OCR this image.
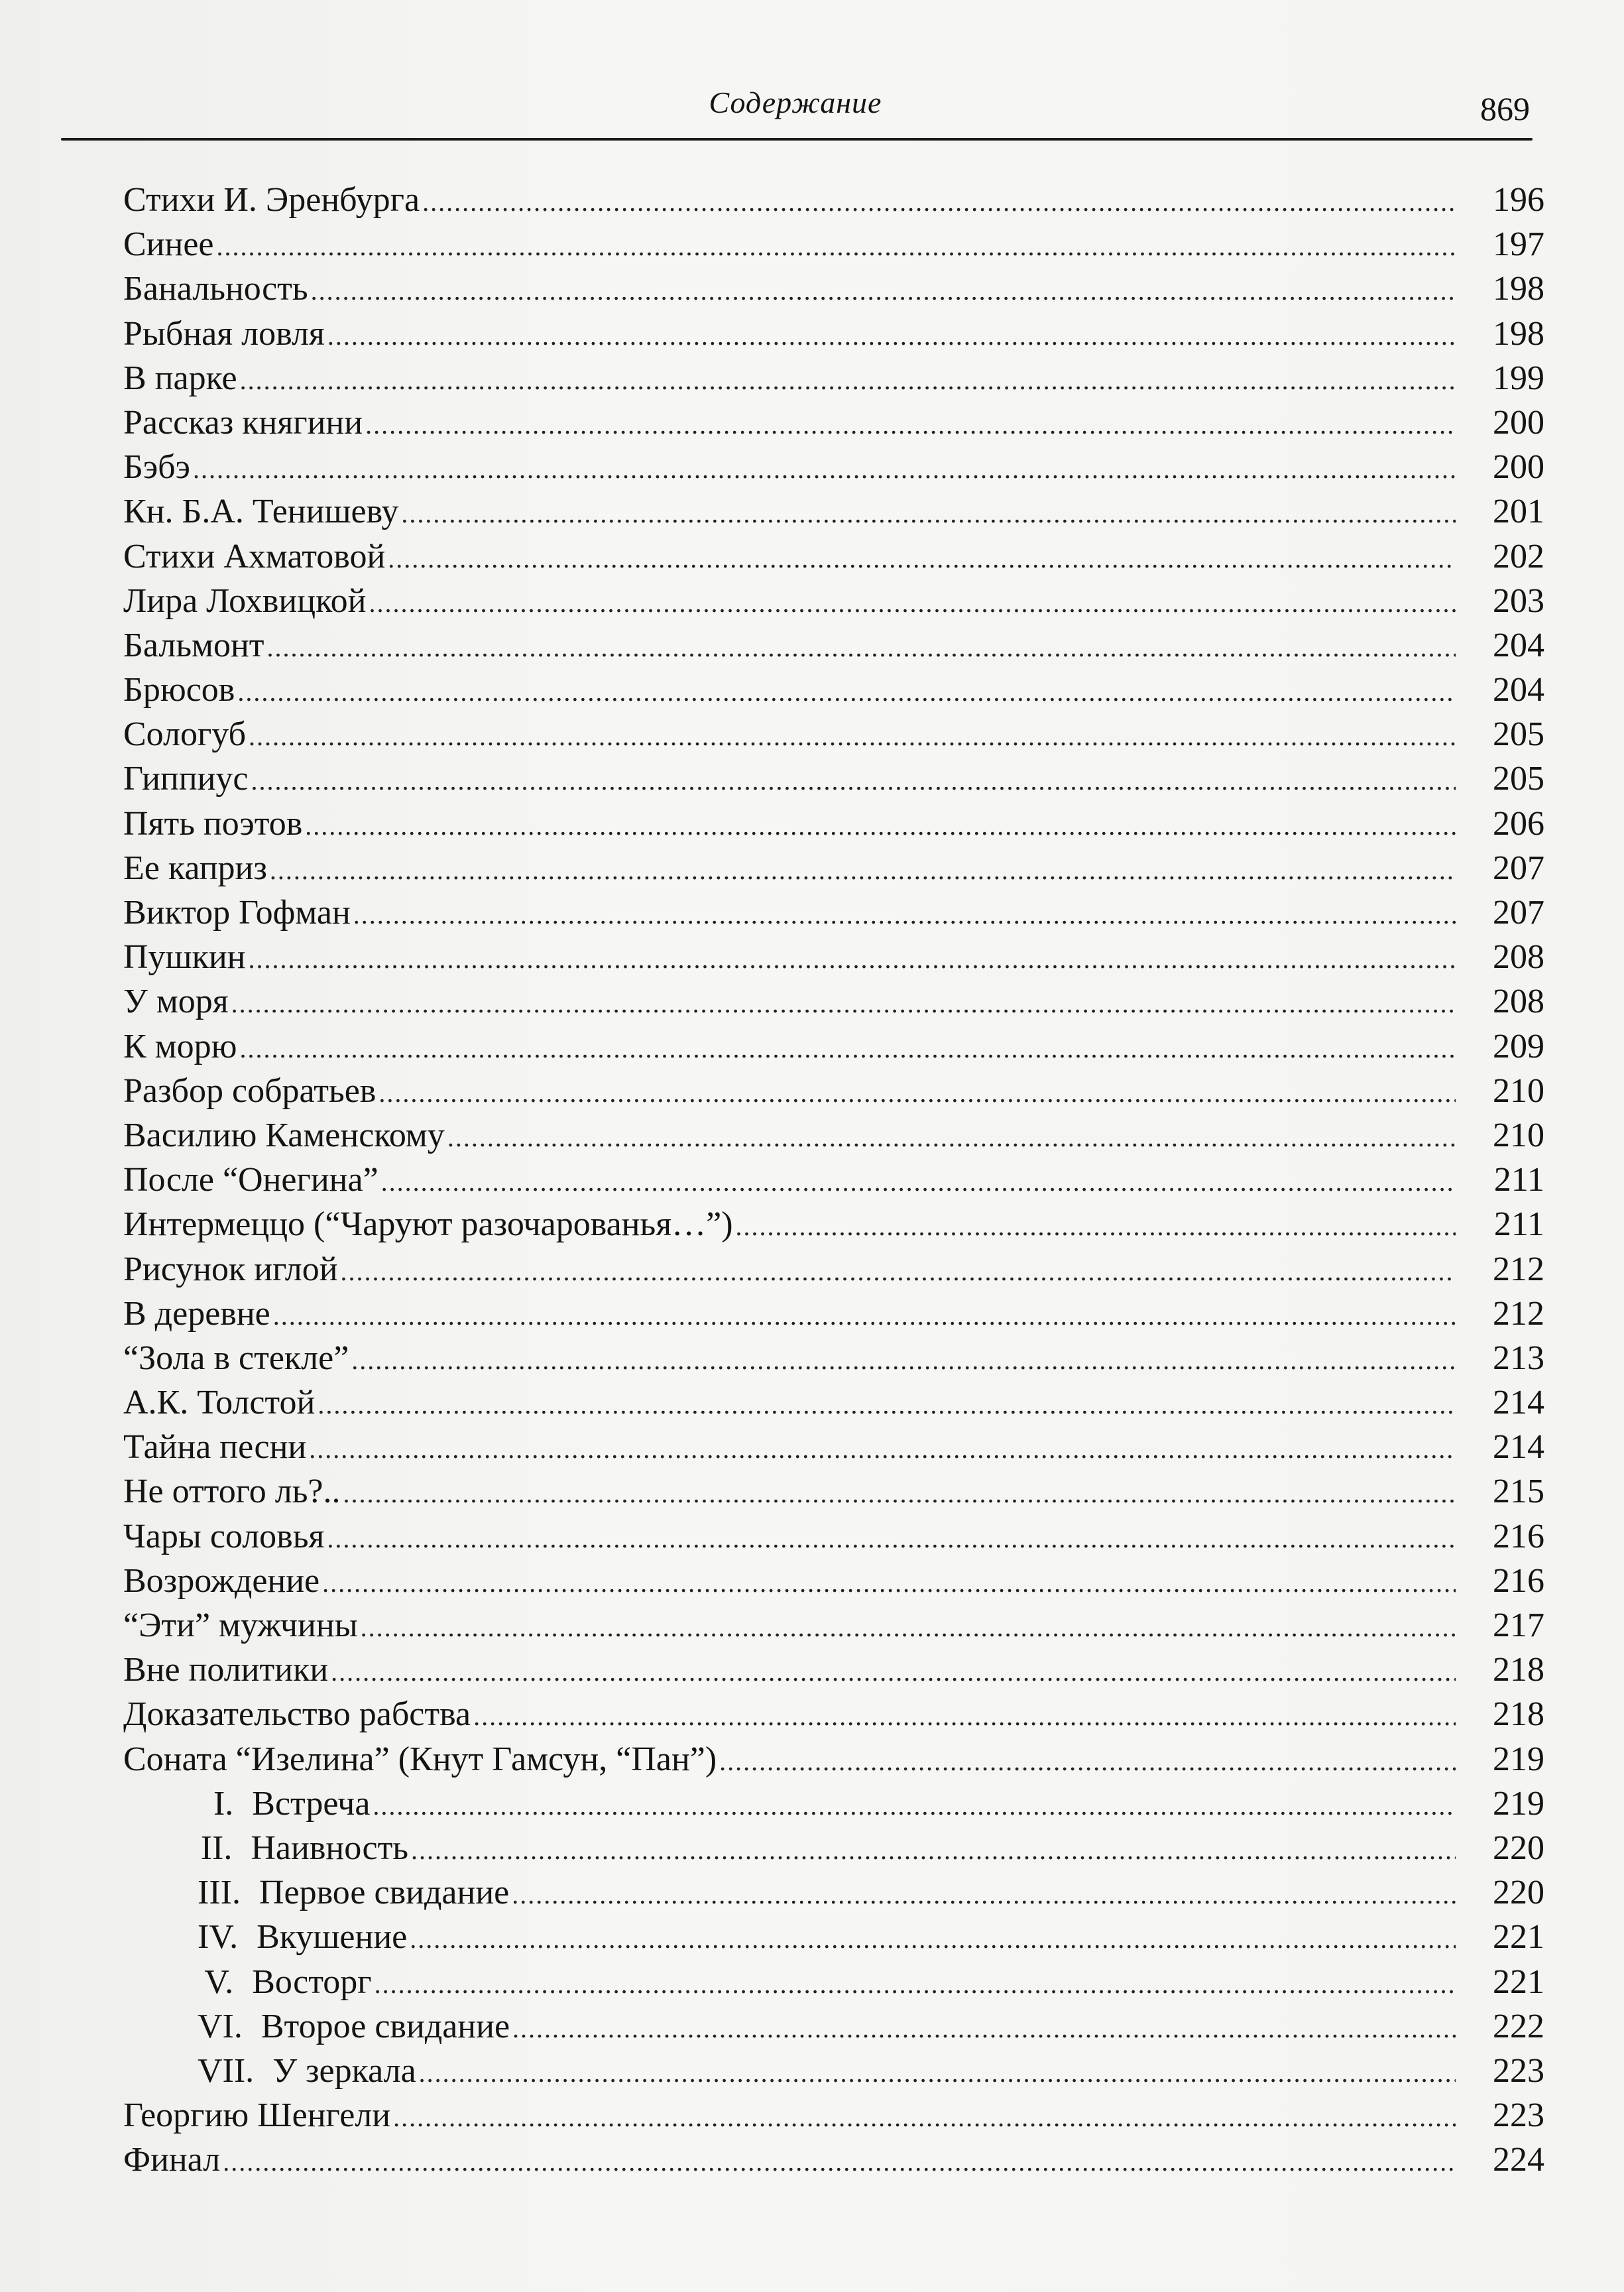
Содержание	869
Стихи И. Эренбурга .....	196
Синее .....	197
Банальность .....	198
Рыбная ловля .....	198
В парке .....	199
Рассказ княгини .....	200
Бэбэ .....	200
Кн. Б.А. Тенишеву .....	201
Стихи Ахматовой .....	202
Лира Лохвицкой .....	203
Бальмонт .....	204
Брюсов .....	204
Сологуб .....	205
Гиппиус .....	205
Пять поэтов .....	206
Ее каприз .....	207
Виктор Гофман .....	207
Пушкин .....	208
У моря .....	208
К морю .....	209
Разбор собратьев .....	210
Василию Каменскому .....	210
После “Онегина” .....	211
Интермеццо (“Чаруют разочарованья…”) .....	211
Рисунок иглой .....	212
В деревне .....	212
“Зола в стекле” .....	213
А.К. Толстой .....	214
Тайна песни .....	214
Не оттого ль?.. .....	215
Чары соловья .....	216
Возрождение .....	216
“Эти” мужчины .....	217
Вне политики .....	218
Доказательство рабства .....	218
Соната “Изелина” (Кнут Гамсун, “Пан”) .....	219
I. Встреча .....	219
II. Наивность .....	220
III. Первое свидание .....	220
IV. Вкушение .....	221
V. Восторг .....	221
VI. Второе свидание .....	222
VII. У зеркала .....	223
Георгию Шенгели .....	223
Финал .....	224
